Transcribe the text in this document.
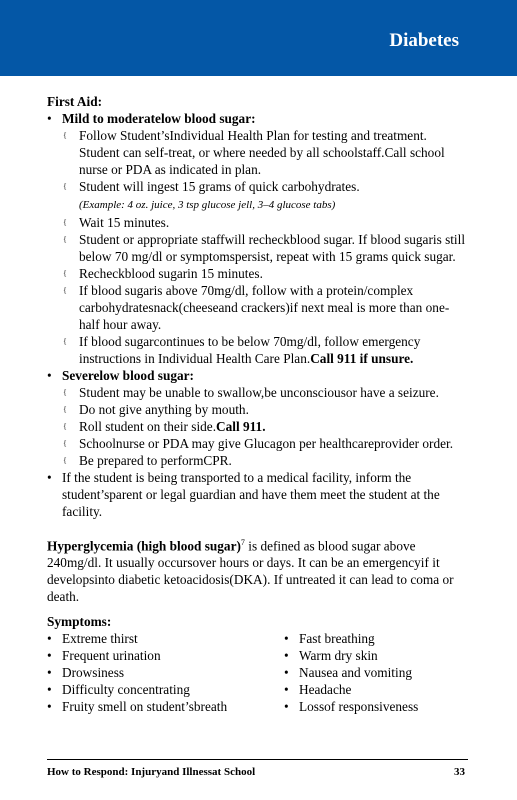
Diabetes
First Aid:
• Mild to moderatelow blood sugar:
{ Follow Student’sIndividual Health Plan for testing and treatment. Student can self-treat, or where needed by all schoolstaff.Call school nurse or PDA as indicated in plan.
{ Student will ingest 15 grams of quick carbohydrates.
(Example: 4 oz. juice, 3 tsp glucose jell, 3–4 glucose tabs)
{ Wait 15 minutes.
{ Student or appropriate staffwill recheckblood sugar. If blood sugaris still below 70 mg/dl or symptomspersist, repeat with 15 grams quick sugar.
{ Recheckblood sugarin 15 minutes.
{ If blood sugaris above 70mg/dl, follow with a protein/complex carbohydratesnack(cheeseand crackers)if next meal is more than one-half hour away.
{ If blood sugarcontinues to be below 70mg/dl, follow emergency instructions in Individual Health Care Plan.Call 911 if unsure.
• Severelow blood sugar:
{ Student may be unable to swallow,be unconsciousor have a seizure.
{ Do not give anything by mouth.
{ Roll student on their side.Call 911.
{ Schoolnurse or PDA may give Glucagon per healthcareprovider order.
{ Be prepared to performCPR.
• If the student is being transported to a medical facility, inform the student’sparent or legal guardian and have them meet the student at the facility.
Hyperglycemia (high blood sugar)$^7$ is defined as blood sugar above 240mg/dl. It usually occursover hours or days. It can be an emergencyif it developsinto diabetic ketoacidosis(DKA). If untreated it can lead to coma or death.
Symptoms:
• Extreme thirst
• Frequent urination
• Drowsiness
• Difficulty concentrating
• Fruity smell on student’sbreath
• Fast breathing
• Warm dry skin
• Nausea and vomiting
• Headache
• Lossof responsiveness
How to Respond: Injuryand Illnessat School	33
